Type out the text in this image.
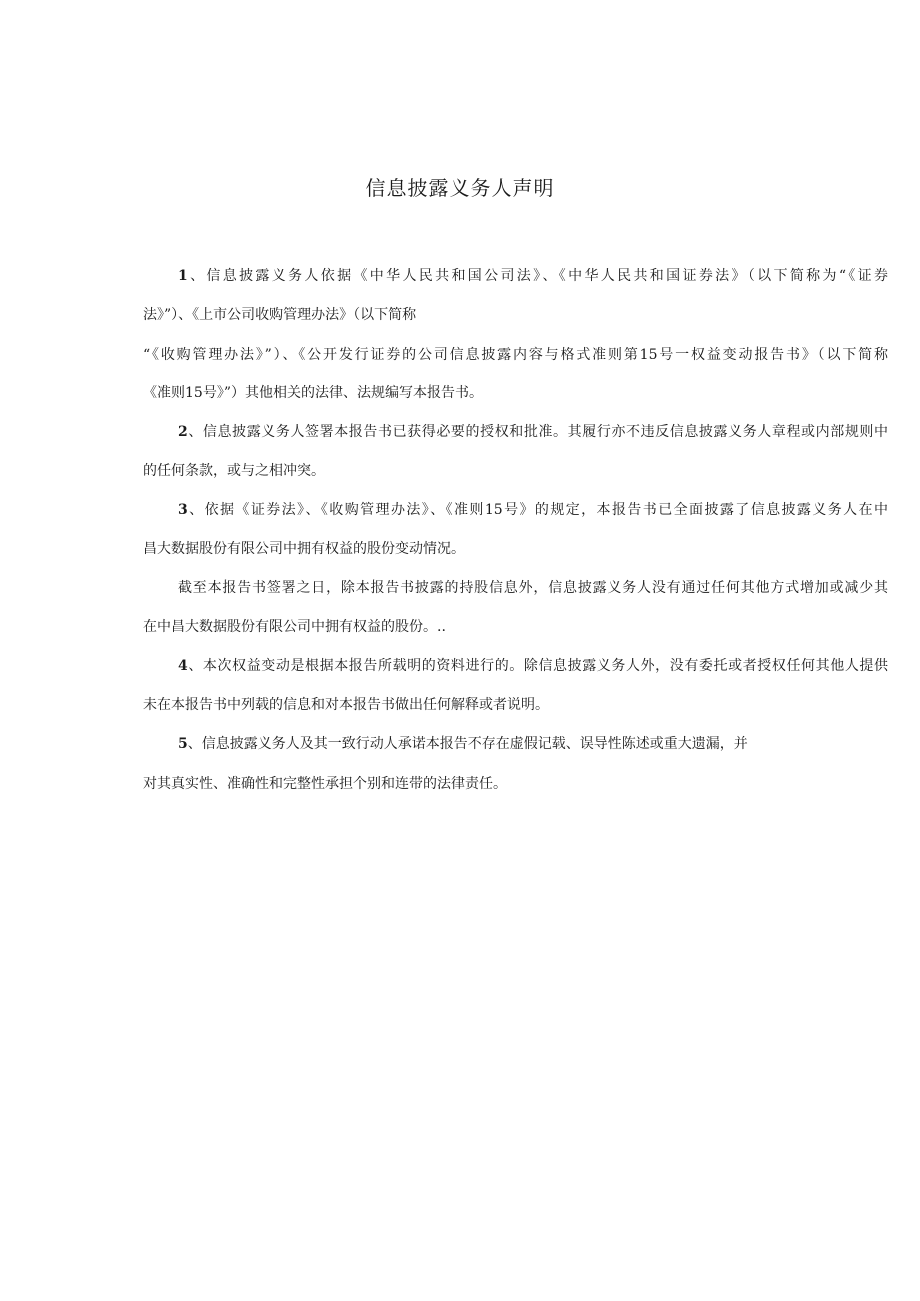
信息披露义务人声明
1、信息披露义务人依据《中华人民共和国公司法》、《中华人民共和国证券法》（以下简称为“《证券
法》”）、《上市公司收购管理办法》（以下简称
“《收购管理办法》”）、《公开发行证券的公司信息披露内容与格式准则第15号一权益变动报告书》（以下简称
《准则15号》”）其他相关的法律、法规编写本报告书。
2、信息披露义务人签署本报告书已获得必要的授权和批准。其履行亦不违反信息披露义务人章程或内部规则中
的任何条款，或与之相冲突。
3、依据《证券法》、《收购管理办法》、《准则15号》的规定，本报告书已全面披露了信息披露义务人在中
昌大数据股份有限公司中拥有权益的股份变动情况。
截至本报告书签署之日，除本报告书披露的持股信息外，信息披露义务人没有通过任何其他方式增加或减少其
在中昌大数据股份有限公司中拥有权益的股份。..
4、本次权益变动是根据本报告所载明的资料进行的。除信息披露义务人外，没有委托或者授权任何其他人提供
未在本报告书中列载的信息和对本报告书做出任何解释或者说明。
5、信息披露义务人及其一致行动人承诺本报告不存在虚假记载、误导性陈述或重大遗漏，并
对其真实性、准确性和完整性承担个别和连带的法律责任。
